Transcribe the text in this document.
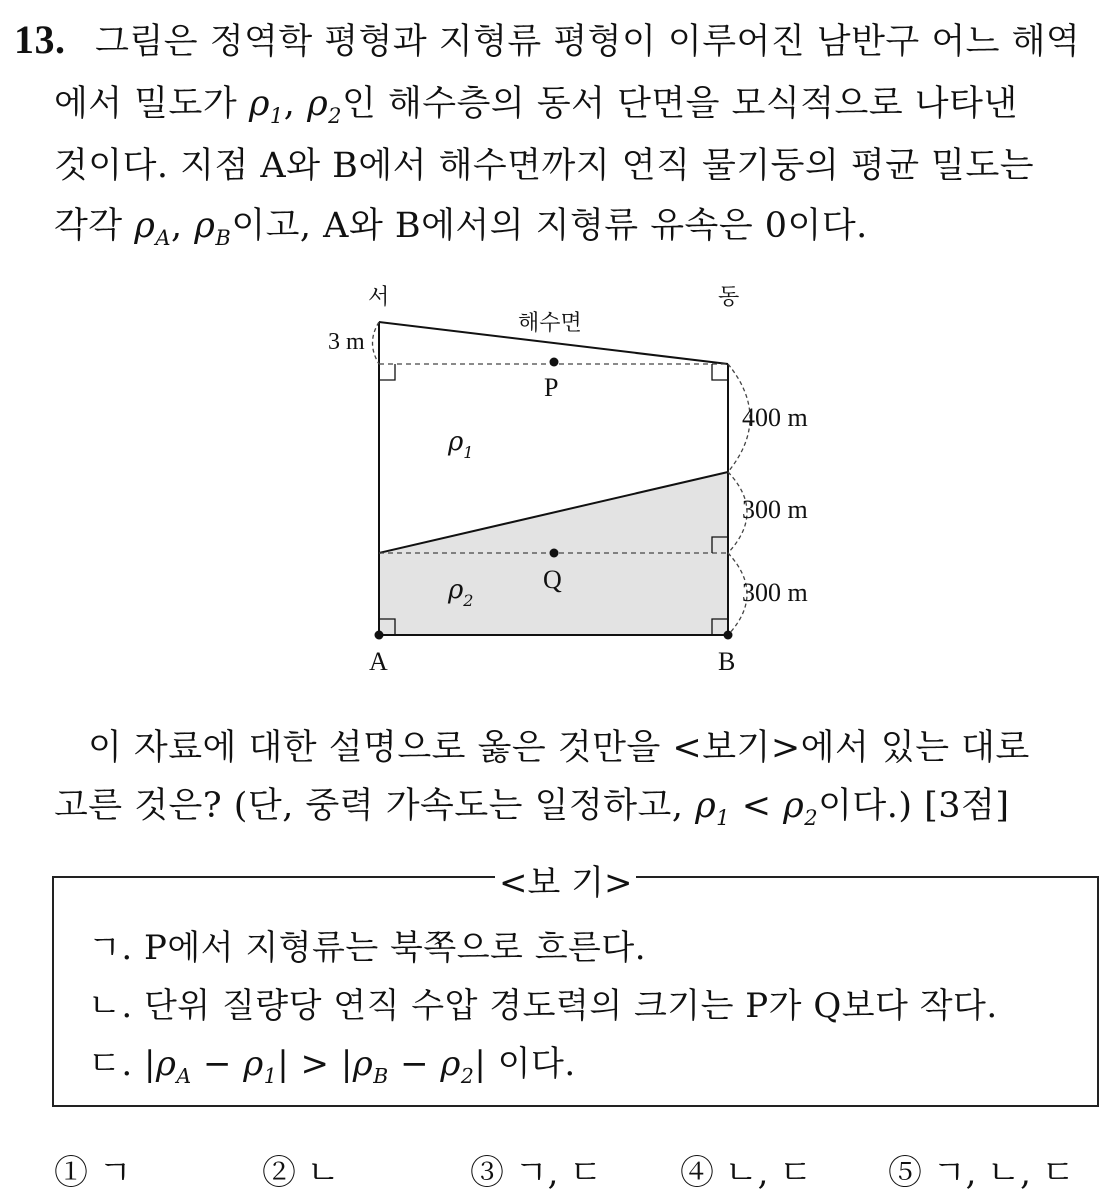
13. 그림은 정역학 평형과 지형류 평형이 이루어진 남반구 어느 해역
에서 밀도가 $\rho_1$, $\rho_2$인 해수층의 동서 단면을 모식적으로 나타낸
것이다. 지점 A와 B에서 해수면까지 연직 물기둥의 평균 밀도는
각각 $\rho_A$, $\rho_B$이고, A와 B에서의 지형류 유속은 0이다.
서	동
해수면
3 m
P
Q
A	B
400 m
300 m
300 m
$\rho_1$
$\rho_2$
이 자료에 대한 설명으로 옳은 것만을 <보기>에서 있는 대로
고른 것은? (단, 중력 가속도는 일정하고, $\rho_1 < \rho_2$이다.) [3점]
<보 기>
ㄱ. P에서 지형류는 북쪽으로 흐른다.
ㄴ. 단위 질량당 연직 수압 경도력의 크기는 P가 Q보다 작다.
ㄷ. $|\rho_A - \rho_1| > |\rho_B - \rho_2|$ 이다.
① ㄱ	② ㄴ	③ ㄱ, ㄷ ④ ㄴ, ㄷ ⑤ ㄱ, ㄴ, ㄷ
